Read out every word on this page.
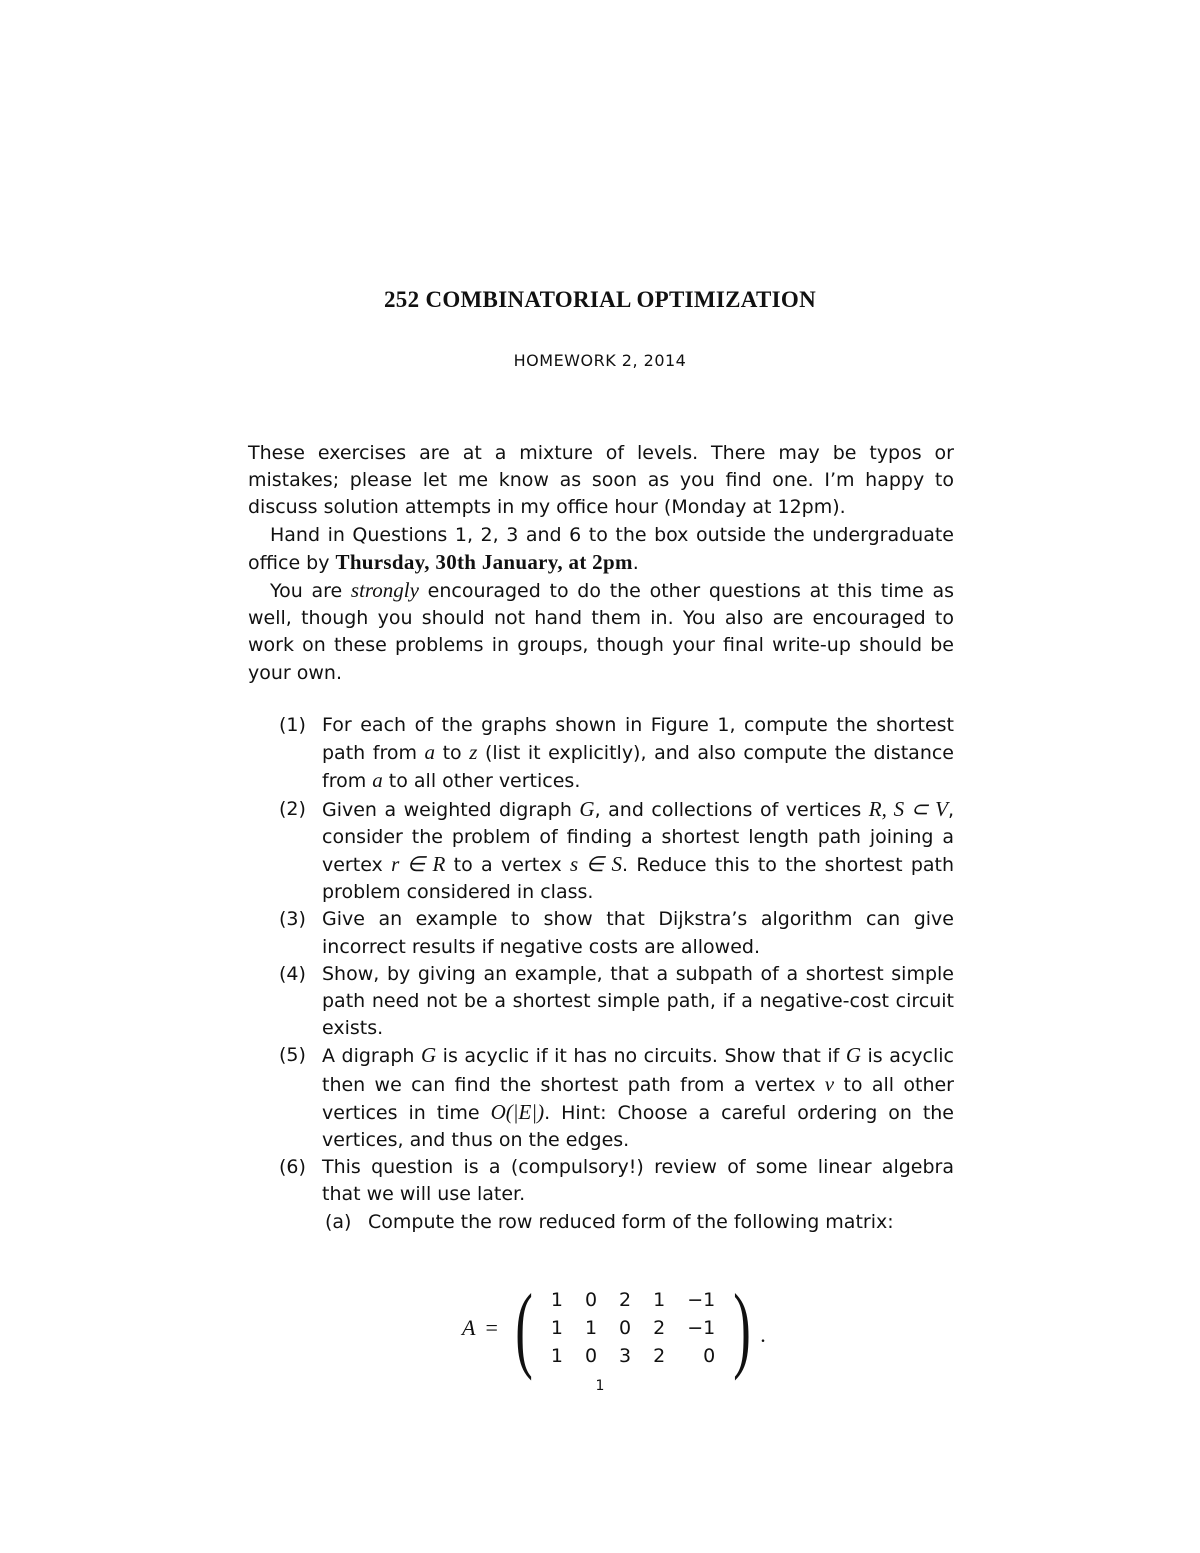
252 COMBINATORIAL OPTIMIZATION
HOMEWORK 2, 2014

These exercises are at a mixture of levels. There may be typos or mistakes; please let me know as soon as you find one. I’m happy to discuss solution attempts in my office hour (Monday at 12pm).

Hand in Questions 1, 2, 3 and 6 to the box outside the undergraduate office by Thursday, 30th January, at 2pm.

You are strongly encouraged to do the other questions at this time as well, though you should not hand them in. You also are encouraged to work on these problems in groups, though your final write-up should be your own.

(1) For each of the graphs shown in Figure 1, compute the shortest path from a to z (list it explicitly), and also compute the distance from a to all other vertices.
(2) Given a weighted digraph G, and collections of vertices R, S ⊂ V, consider the problem of finding a shortest length path joining a vertex r ∈ R to a vertex s ∈ S. Reduce this to the shortest path problem considered in class.
(3) Give an example to show that Dijkstra’s algorithm can give incorrect results if negative costs are allowed.
(4) Show, by giving an example, that a subpath of a shortest simple path need not be a shortest simple path, if a negative-cost circuit exists.
(5) A digraph G is acyclic if it has no circuits. Show that if G is acyclic then we can find the shortest path from a vertex v to all other vertices in time O(|E|). Hint: Choose a careful ordering on the vertices, and thus on the edges.
(6) This question is a (compulsory!) review of some linear algebra that we will use later.
(a) Compute the row reduced form of the following matrix:
A = ( 1	0	2	1	−1
1	1	0	2	−1
1	0	3	2	0 ) .
1
